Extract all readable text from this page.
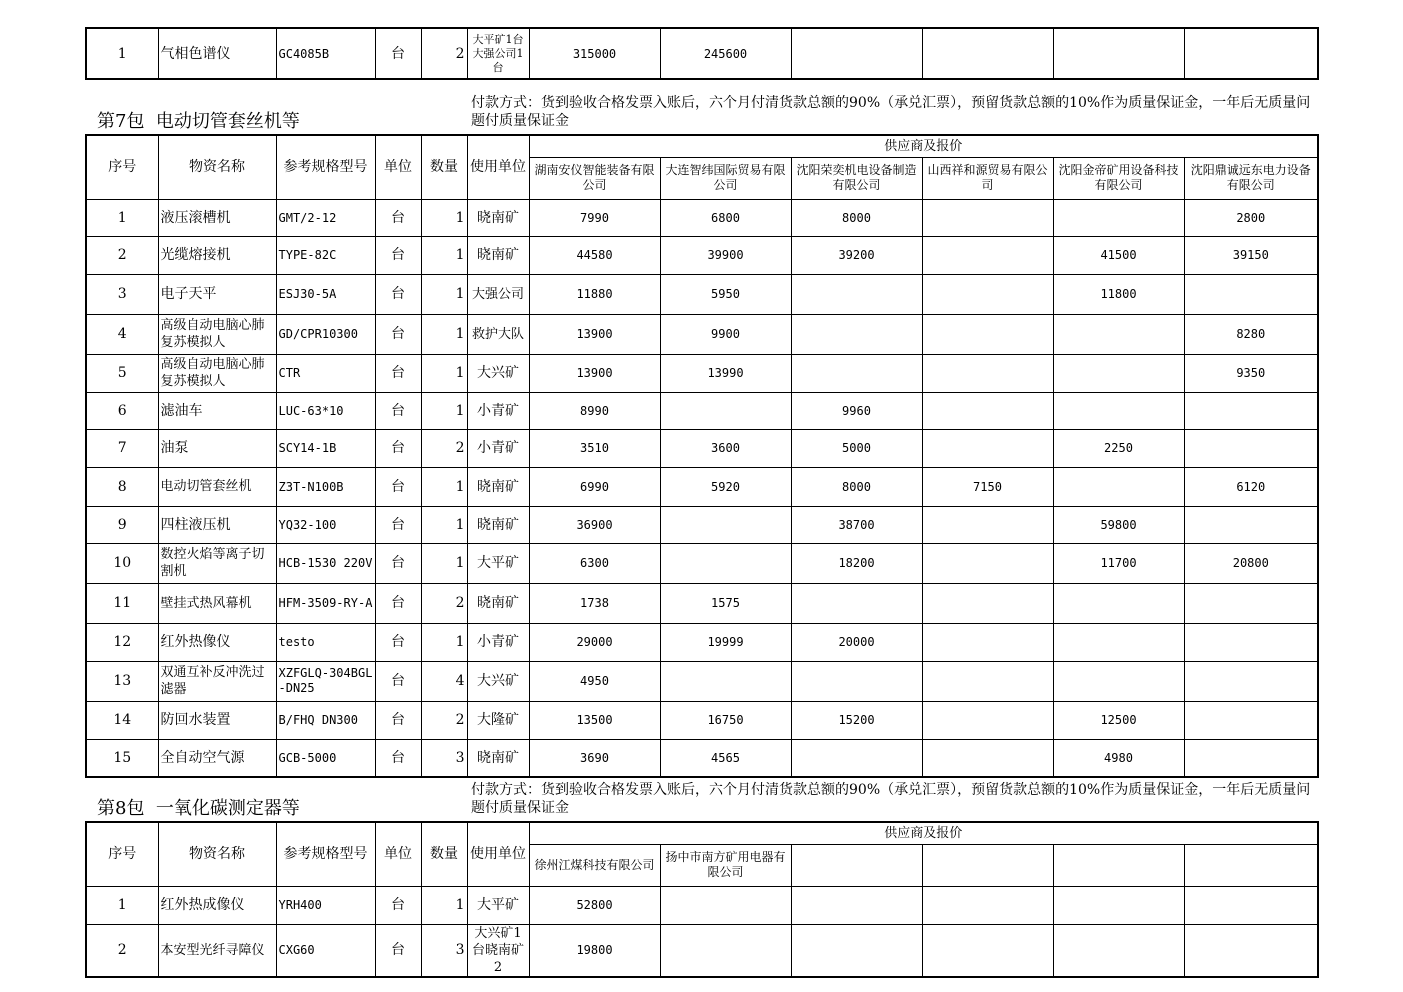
1	气相色谱仪	GC4085B	台	2	大平矿1台大强公司1台	315000	245600				
第7包 电动切管套丝机等
付款方式：货到验收合格发票入账后，六个月付清货款总额的90%（承兑汇票），预留货款总额的10%作为质量保证金，一年后无质量问题付质量保证金
序号	物资名称	参考规格型号	单位	数量	使用单位	供应商及报价					
						湖南安仪智能装备有限公司	大连智纬国际贸易有限公司	沈阳荣奕机电设备制造有限公司	山西祥和源贸易有限公司	沈阳金帝矿用设备科技有限公司	沈阳鼎诚远东电力设备有限公司
1	液压滚槽机	GMT/2-12	台	1	晓南矿	7990	6800	8000			2800
2	光缆熔接机	TYPE-82C	台	1	晓南矿	44580	39900	39200		41500	39150
3	电子天平	ESJ30-5A	台	1	大强公司	11880	5950			11800	
4	高级自动电脑心肺复苏模拟人	GD/CPR10300	台	1	救护大队	13900	9900				8280
5	高级自动电脑心肺复苏模拟人	CTR	台	1	大兴矿	13900	13990				9350
6	滤油车	LUC-63*10	台	1	小青矿	8990		9960			
7	油泵	SCY14-1B	台	2	小青矿	3510	3600	5000		2250	
8	电动切管套丝机	Z3T-N100B	台	1	晓南矿	6990	5920	8000	7150		6120
9	四柱液压机	YQ32-100	台	1	晓南矿	36900		38700		59800	
10	数控火焰等离子切割机	HCB-1530 220V	台	1	大平矿	6300		18200		11700	20800
11	壁挂式热风幕机	HFM-3509-RY-A	台	2	晓南矿	1738	1575				
12	红外热像仪	testo	台	1	小青矿	29000	19999	20000			
13	双通互补反冲洗过滤器	XZFGLQ-304BGL-DN25	台	4	大兴矿	4950					
14	防回水装置	B/FHQ DN300	台	2	大隆矿	13500	16750	15200		12500	
15	全自动空气源	GCB-5000	台	3	晓南矿	3690	4565			4980	
第8包 一氧化碳测定器等
付款方式：货到验收合格发票入账后，六个月付清货款总额的90%（承兑汇票），预留货款总额的10%作为质量保证金，一年后无质量问题付质量保证金
序号	物资名称	参考规格型号	单位	数量	使用单位	供应商及报价					
						徐州江煤科技有限公司	扬中市南方矿用电器有限公司				
1	红外热成像仪	YRH400	台	1	大平矿	52800					
2	本安型光纤寻障仪	CXG60	台	3	大兴矿1台晓南矿2	19800					
